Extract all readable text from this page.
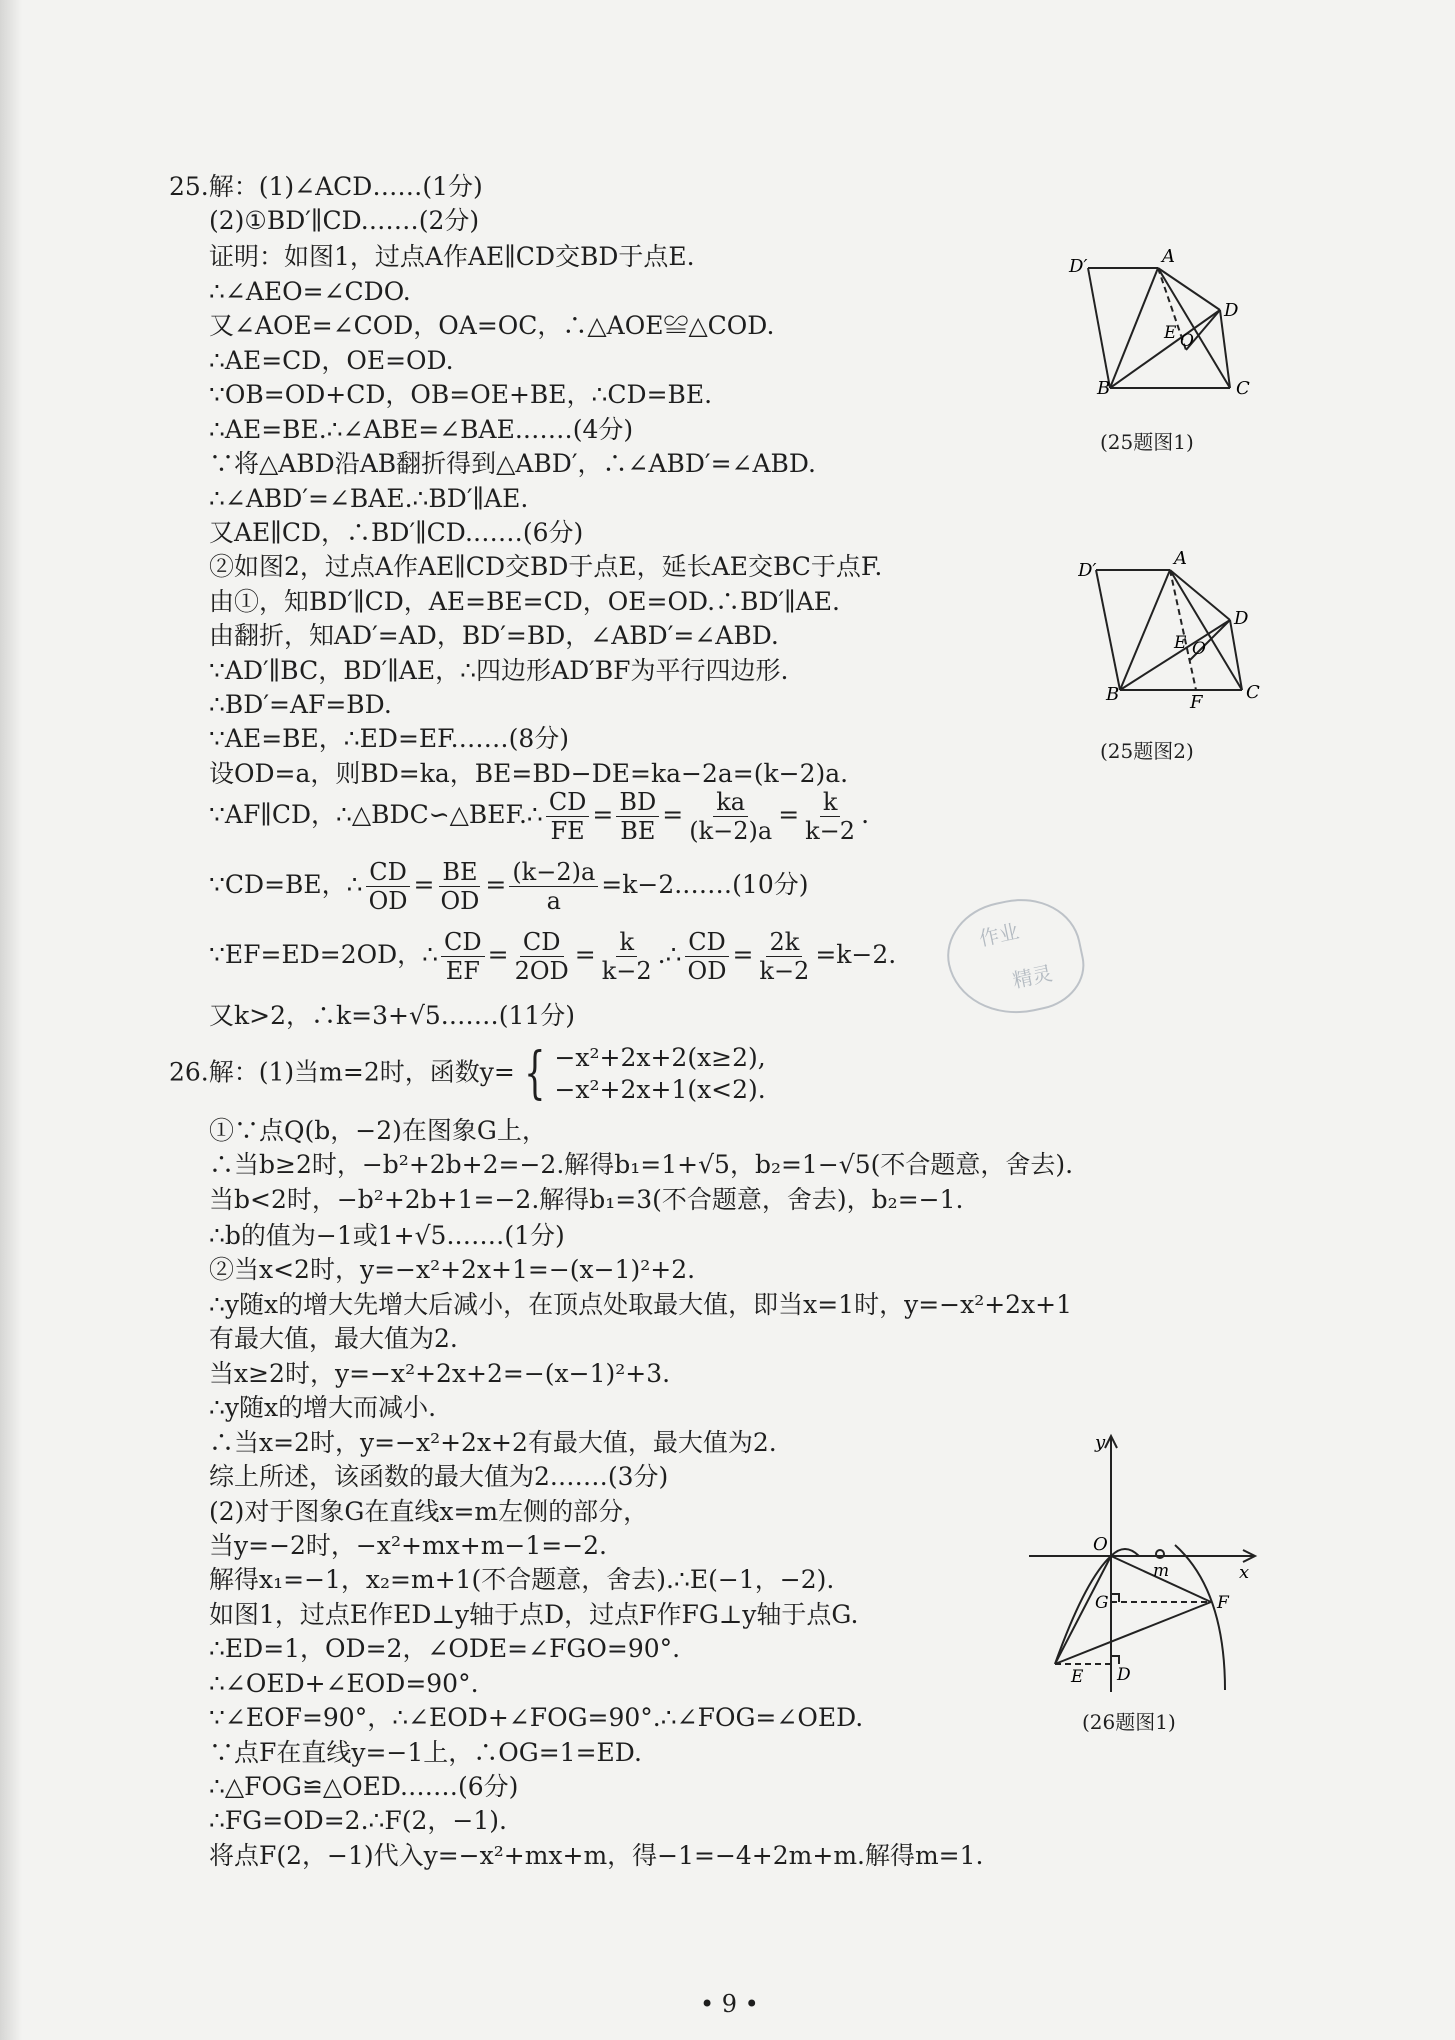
25.解：(1)∠ACD……(1分)
(2)①BD′∥CD.……(2分)
证明：如图1，过点A作AE∥CD交BD于点E.
∴∠AEO=∠CDO.
又∠AOE=∠COD，OA=OC，∴△AOE≌△COD.
∴AE=CD，OE=OD.
∵OB=OD+CD，OB=OE+BE，∴CD=BE.
∴AE=BE.∴∠ABE=∠BAE.……(4分)
∵将△ABD沿AB翻折得到△ABD′，∴∠ABD′=∠ABD.
∴∠ABD′=∠BAE.∴BD′∥AE.
又AE∥CD，∴BD′∥CD.……(6分)
②如图2，过点A作AE∥CD交BD于点E，延长AE交BC于点F.
由①，知BD′∥CD，AE=BE=CD，OE=OD.∴BD′∥AE.
由翻折，知AD′=AD，BD′=BD，∠ABD′=∠ABD.
∵AD′∥BC，BD′∥AE，∴四边形AD′BF为平行四边形.
∴BD′=AF=BD.
∵AE=BE，∴ED=EF.……(8分)
设OD=a，则BD=ka，BE=BD−DE=ka−2a=(k−2)a.
∵AF∥CD，∴△BDC∽△BEF.∴ $\frac{CD}{FE} = \frac{BD}{BE} = \frac{ka}{(k-2)a} = \frac{k}{k-2}$ .
∵CD=BE，∴ $\frac{CD}{OD} = \frac{BE}{OD} = \frac{(k-2)a}{a}$ =k−2.……(10分)
∵EF=ED=2OD，∴ $\frac{CD}{EF} = \frac{CD}{2OD} = \frac{k}{k-2}$ .∴ $\frac{CD}{OD} = \frac{2k}{k-2} =k-2$.
又k>2，∴k=3+√5.……(11分)
26.解：(1)当m=2时，函数y= { −x²+2x+2(x≥2),
−x²+2x+1(x<2).
①∵点Q(b，−2)在图象G上，
∴当b≥2时，−b²+2b+2=−2.解得b₁=1+√5，b₂=1−√5(不合题意，舍去).
当b<2时，−b²+2b+1=−2.解得b₁=3(不合题意，舍去)，b₂=−1.
∴b的值为−1或1+√5.……(1分)
②当x<2时，y=−x²+2x+1=−(x−1)²+2.
∴y随x的增大先增大后减小，在顶点处取最大值，即当x=1时，y=−x²+2x+1
有最大值，最大值为2.
当x≥2时，y=−x²+2x+2=−(x−1)²+3.
∴y随x的增大而减小.
∴当x=2时，y=−x²+2x+2有最大值，最大值为2.
综上所述，该函数的最大值为2.……(3分)
(2)对于图象G在直线x=m左侧的部分，
当y=−2时，−x²+mx+m−1=−2.
解得x₁=−1，x₂=m+1(不合题意，舍去).∴E(−1，−2).
如图1，过点E作ED⊥y轴于点D，过点F作FG⊥y轴于点G.
∴ED=1，OD=2，∠ODE=∠FGO=90°.
∴∠OED+∠EOD=90°.
∵∠EOF=90°，∴∠EOD+∠FOG=90°.∴∠FOG=∠OED.
∵点F在直线y=−1上，∴OG=1=ED.
∴△FOG≌△OED.……(6分)
∴FG=OD=2.∴F(2，−1).
将点F(2，−1)代入y=−x²+mx+m，得−1=−4+2m+m.解得m=1.
D′	A
D
E O
B	C
(25题图1)
D′
A
D
E O
B	F C
(25题图2)
y
x
O
m
G	F
D
E
(26题图1)
作业
精灵
• 9 •
